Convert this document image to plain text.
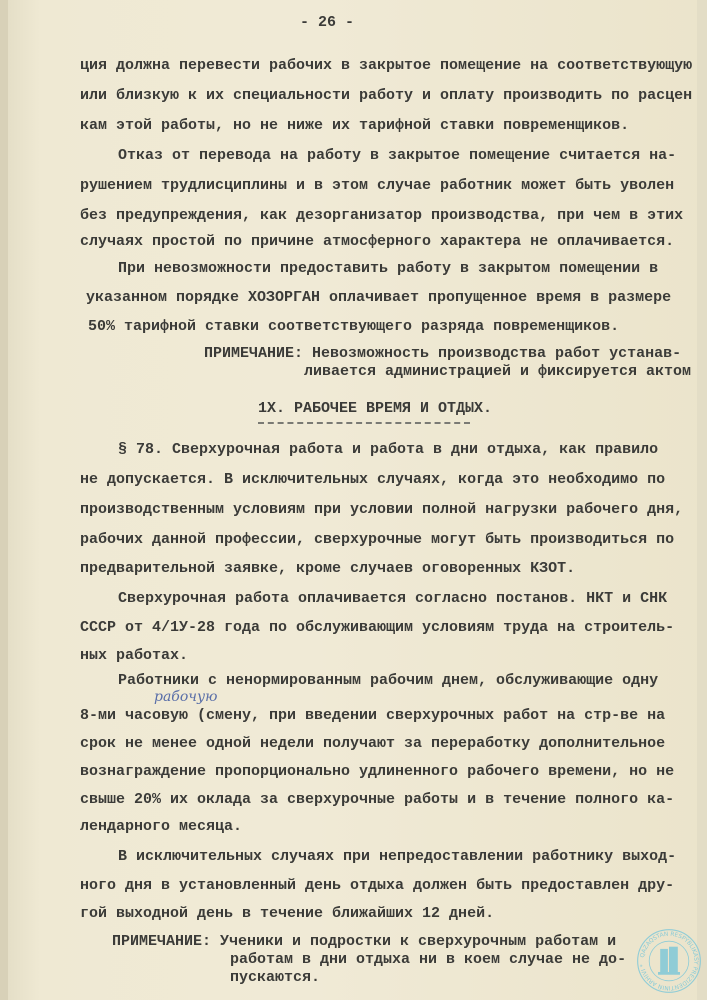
- 26 -
ция должна перевести рабочих в закрытое помещение на соответствующую
или близкую к их специальности работу и оплату производить по расцен
кам этой работы, но не ниже их тарифной ставки повременщиков.
Отказ от перевода на работу в закрытое помещение считается на-
рушением трудлисциплины и в этом случае работник может быть уволен
без предупреждения, как дезорганизатор производства, при чем в этих
случаях простой по причине атмосферного характера не оплачивается.
При невозможности предоставить работу в закрытом помещении в
указанном порядке ХОЗОРГАН оплачивает пропущенное время в размере
50% тарифной ставки соответствующего разряда повременщиков.
ПРИМЕЧАНИЕ: Невозможность производства работ устанав-
ливается администрацией и фиксируется актом
1Х. РАБОЧЕЕ ВРЕМЯ И ОТДЫХ.
§ 78. Сверхурочная работа и работа в дни отдыха, как правило
не допускается. В исключительных случаях, когда это необходимо по
производственным условиям при условии полной нагрузки рабочего дня,
рабочих данной профессии, сверхурочные могут быть производиться по
предварительной заявке, кроме случаев оговоренных КЗОТ.
Сверхурочная работа оплачивается согласно постанов. НКТ и СНК
СССР от 4/1У-28 года по обслуживающим условиям труда на строитель-
ных работах.
Работники с ненормированным рабочим днем, обслуживающие одну
рабочую
8-ми часовую (смену, при введении сверхурочных работ на стр-ве на
срок не менее одной недели получают за переработку дополнительное
вознаграждение пропорционально удлиненного рабочего времени, но не
свыше 20% их оклада за сверхурочные работы и в течение полного ка-
лендарного месяца.
В исключительных случаях при непредоставлении работнику выход-
ного дня в установленный день отдыха должен быть предоставлен дру-
гой выходной день в течение ближайших 12 дней.
ПРИМЕЧАНИЕ: Ученики и подростки к сверхурочным работам и
работам в дни отдыха ни в коем случае не до-
пускаются.
QAZAQSTAN RESPÝBLIKASY PREZIDENTINIŃ ARHIVI *
